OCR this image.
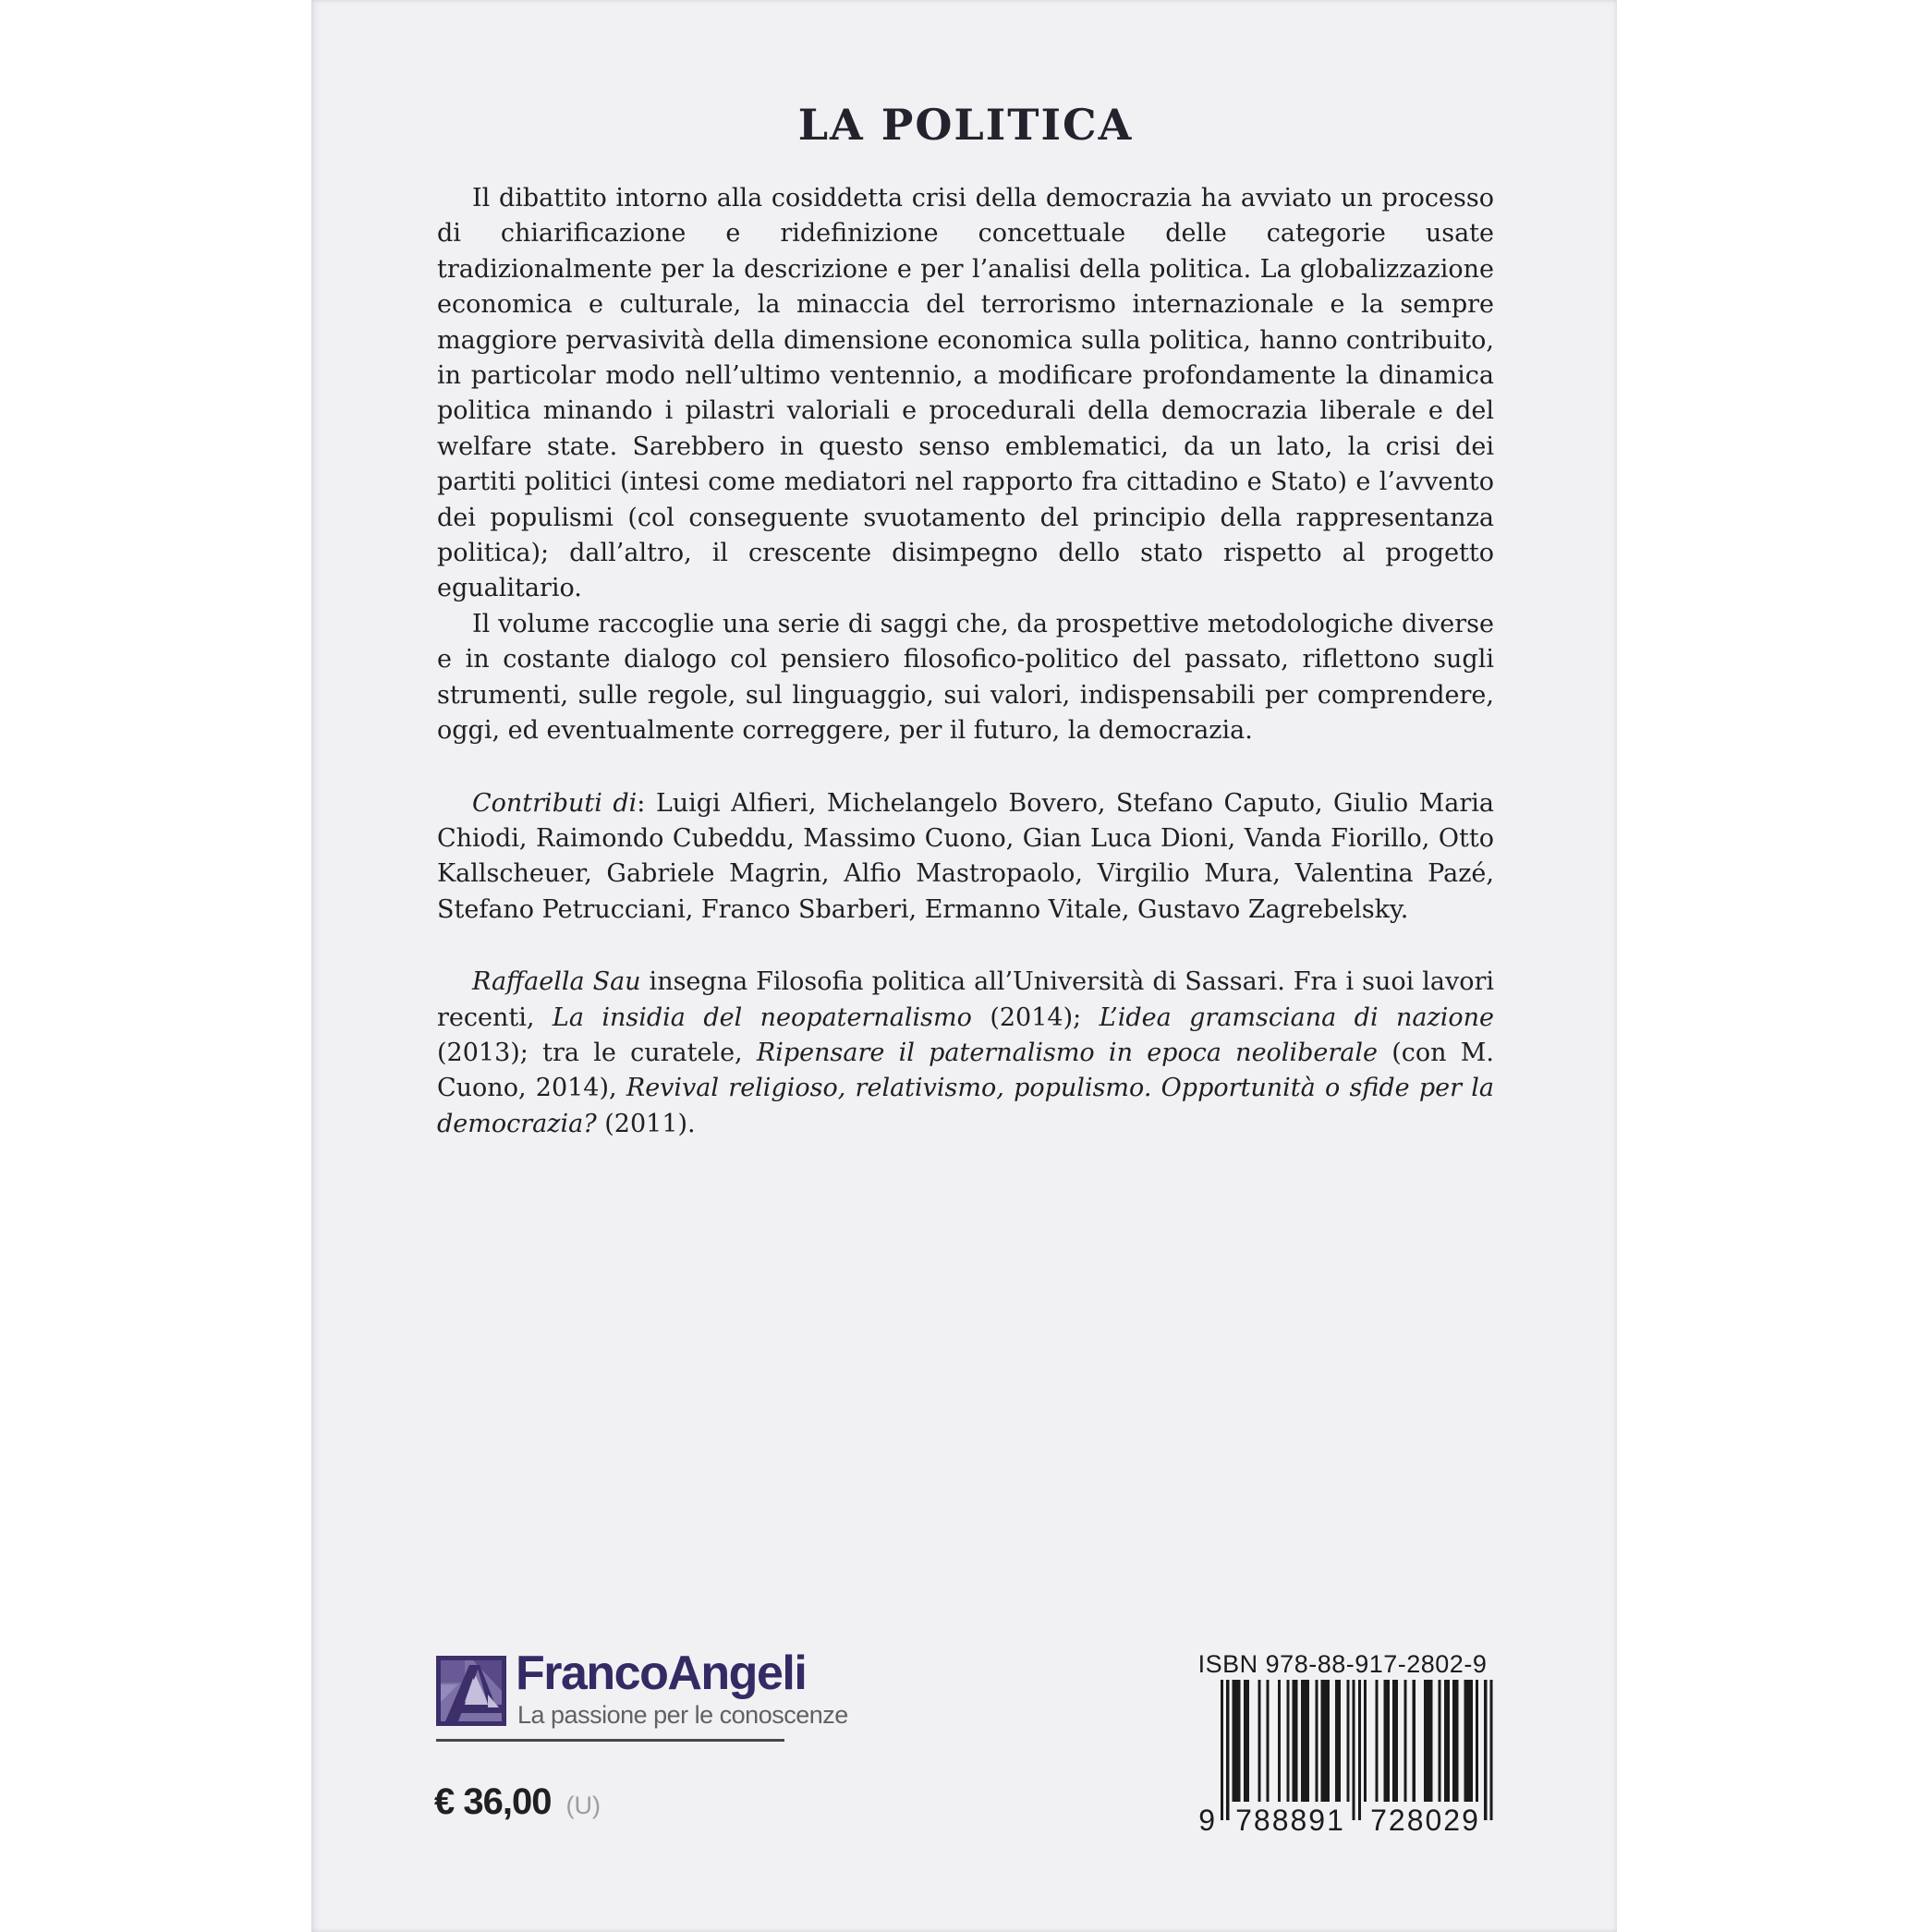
LA POLITICA

Il dibattito intorno alla cosiddetta crisi della democrazia ha avviato un processo di chiarificazione e ridefinizione concettuale delle categorie usate tradizionalmente per la descrizione e per l’analisi della politica. La globalizzazione economica e culturale, la minaccia del terrorismo internazionale e la sempre maggiore pervasività della dimensione economica sulla politica, hanno contribuito, in particolar modo nell’ultimo ventennio, a modificare profondamente la dinamica politica minando i pilastri valoriali e procedurali della democrazia liberale e del welfare state. Sarebbero in questo senso emblematici, da un lato, la crisi dei partiti politici (intesi come mediatori nel rapporto fra cittadino e Stato) e l’avvento dei populismi (col conseguente svuotamento del principio della rappresentanza politica); dall’altro, il crescente disimpegno dello stato rispetto al progetto egualitario.

Il volume raccoglie una serie di saggi che, da prospettive metodologiche diverse e in costante dialogo col pensiero filosofico-politico del passato, riflettono sugli strumenti, sulle regole, sul linguaggio, sui valori, indispensabili per comprendere, oggi, ed eventualmente correggere, per il futuro, la democrazia.

Contributi di: Luigi Alfieri, Michelangelo Bovero, Stefano Caputo, Giulio Maria Chiodi, Raimondo Cubeddu, Massimo Cuono, Gian Luca Dioni, Vanda Fiorillo, Otto Kallscheuer, Gabriele Magrin, Alfio Mastropaolo, Virgilio Mura, Valentina Pazé, Stefano Petrucciani, Franco Sbarberi, Ermanno Vitale, Gustavo Zagrebelsky.

Raffaella Sau insegna Filosofia politica all’Università di Sassari. Fra i suoi lavori recenti, La insidia del neopaternalismo (2014); L’idea gramsciana di nazione (2013); tra le curatele, Ripensare il paternalismo in epoca neoliberale (con M. Cuono, 2014), Revival religioso, relativismo, populismo. Opportunità o sfide per la democrazia? (2011).

FrancoAngeli
La passione per le conoscenze
€ 36,00 (U)
ISBN 978-88-917-2802-9
9 788891 728029
